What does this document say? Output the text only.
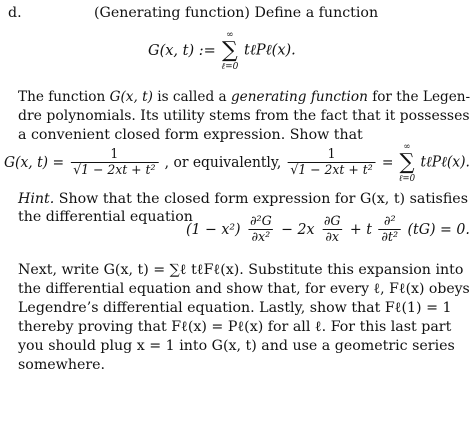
d.	(Generating function) Define a function
G(x, t) :=
∞
∑
ℓ=0
tℓPℓ(x).
The function G(x, t) is called a generating function for the Legen-
dre polynomials. Its utility stems from the fact that it possesses
a convenient closed form expression. Show that
G(x, $t) = \frac{1}{\text{√1 − 2xt + t²}}$ , or equivalently, $\frac{1}{\text{√1 − 2xt + t²}}$ =
∞
∑
ℓ=0
tℓPℓ(x).
Hint. Show that the closed form expression for G(x, t) satisfies
the differential equation
$(1 - x^2) \frac{\text{∂²G}}{\text{∂x²}} - 2x \frac{\partial G}{\partial x} + t \frac{\text{∂²}}{\text{∂t²}} (tG) = 0$.
Next, write G(x, t) = ∑ℓ tℓFℓ(x). Substitute this expansion into
the differential equation and show that, for every ℓ, Fℓ(x) obeys
Legendre’s differential equation. Lastly, show that Fℓ(1) = 1
thereby proving that Fℓ(x) = Pℓ(x) for all ℓ. For this last part
you should plug x = 1 into G(x, t) and use a geometric series
somewhere.
